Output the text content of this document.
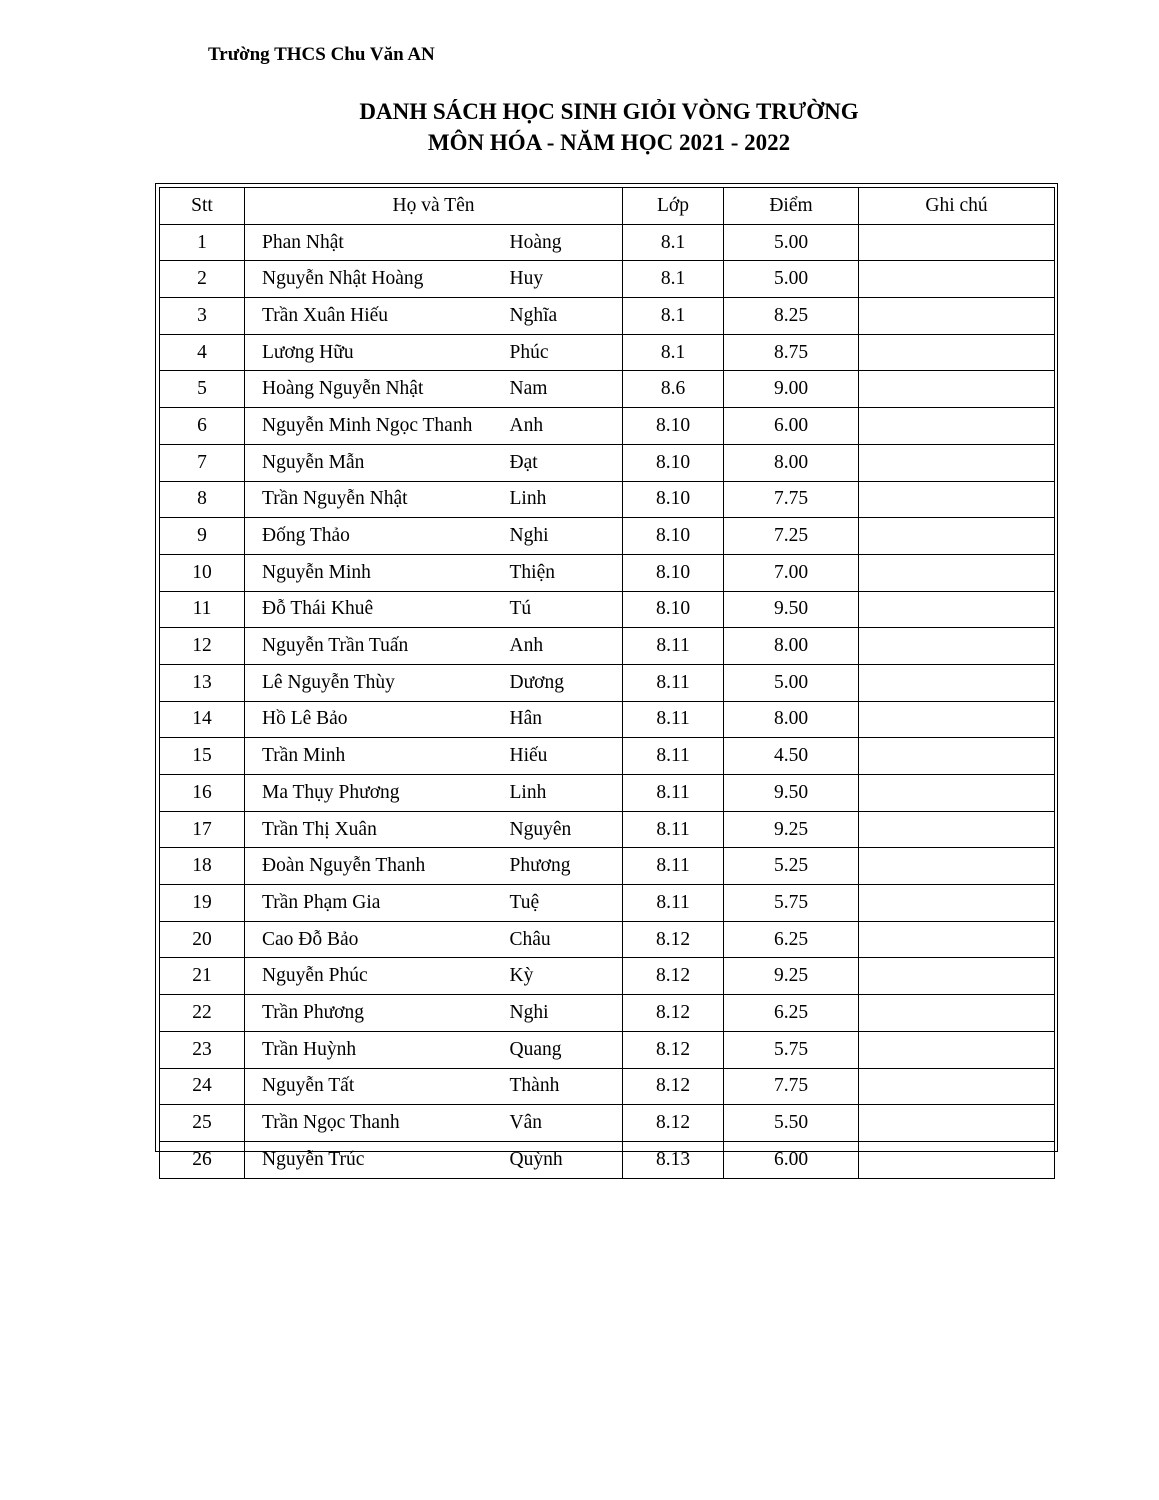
Trường THCS Chu Văn AN
DANH SÁCH HỌC SINH GIỎI VÒNG TRƯỜNG
MÔN HÓA - NĂM HỌC 2021 - 2022
Stt	Họ và Tên		Lớp	Điểm	Ghi chú
1	Phan Nhật	Hoàng	8.1	5.00	
2	Nguyễn Nhật Hoàng	Huy	8.1	5.00	
3	Trần Xuân Hiếu	Nghĩa	8.1	8.25	
4	Lương Hữu	Phúc	8.1	8.75	
5	Hoàng Nguyễn Nhật	Nam	8.6	9.00	
6	Nguyễn Minh Ngọc Thanh	Anh	8.10	6.00	
7	Nguyễn Mẫn	Đạt	8.10	8.00	
8	Trần Nguyễn Nhật	Linh	8.10	7.75	
9	Đống Thảo	Nghi	8.10	7.25	
10	Nguyễn Minh	Thiện	8.10	7.00	
11	Đỗ Thái Khuê	Tú	8.10	9.50	
12	Nguyễn Trần Tuấn	Anh	8.11	8.00	
13	Lê Nguyễn Thùy	Dương	8.11	5.00	
14	Hồ Lê Bảo	Hân	8.11	8.00	
15	Trần Minh	Hiếu	8.11	4.50	
16	Ma Thụy Phương	Linh	8.11	9.50	
17	Trần Thị Xuân	Nguyên	8.11	9.25	
18	Đoàn Nguyễn Thanh	Phương	8.11	5.25	
19	Trần Phạm Gia	Tuệ	8.11	5.75	
20	Cao Đỗ Bảo	Châu	8.12	6.25	
21	Nguyễn Phúc	Kỳ	8.12	9.25	
22	Trần Phương	Nghi	8.12	6.25	
23	Trần Huỳnh	Quang	8.12	5.75	
24	Nguyễn Tất	Thành	8.12	7.75	
25	Trần Ngọc Thanh	Vân	8.12	5.50	
26	Nguyễn Trúc	Quỳnh	8.13	6.00	
